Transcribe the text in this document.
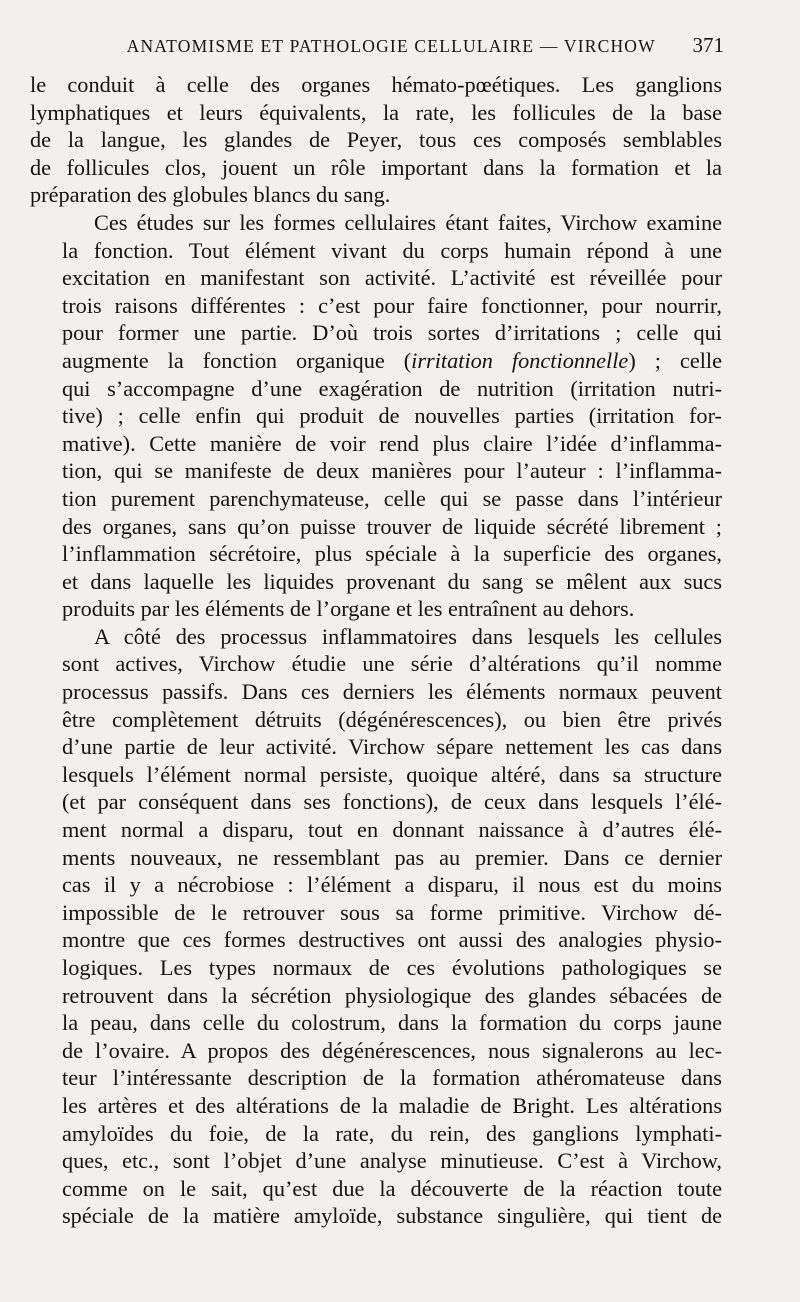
ANATOMISME ET PATHOLOGIE CELLULAIRE — VIRCHOW	371

le conduit à celle des organes hémato-pœétiques. Les ganglions
lymphatiques et leurs équivalents, la rate, les follicules de la base
de la langue, les glandes de Peyer, tous ces composés semblables
de follicules clos, jouent un rôle important dans la formation et la
préparation des globules blancs du sang.

Ces études sur les formes cellulaires étant faites, Virchow examine
la fonction. Tout élément vivant du corps humain répond à une
excitation en manifestant son activité. L’activité est réveillée pour
trois raisons différentes : c’est pour faire fonctionner, pour nourrir,
pour former une partie. D’où trois sortes d’irritations ; celle qui
augmente la fonction organique (irritation fonctionnelle) ; celle
qui s’accompagne d’une exagération de nutrition (irritation nutri-
tive) ; celle enfin qui produit de nouvelles parties (irritation for-
mative). Cette manière de voir rend plus claire l’idée d’inflamma-
tion, qui se manifeste de deux manières pour l’auteur : l’inflamma-
tion purement parenchymateuse, celle qui se passe dans l’intérieur
des organes, sans qu’on puisse trouver de liquide sécrété librement ;
l’inflammation sécrétoire, plus spéciale à la superficie des organes,
et dans laquelle les liquides provenant du sang se mêlent aux sucs
produits par les éléments de l’organe et les entraînent au dehors.

A côté des processus inflammatoires dans lesquels les cellules
sont actives, Virchow étudie une série d’altérations qu’il nomme
processus passifs. Dans ces derniers les éléments normaux peuvent
être complètement détruits (dégénérescences), ou bien être privés
d’une partie de leur activité. Virchow sépare nettement les cas dans
lesquels l’élément normal persiste, quoique altéré, dans sa structure
(et par conséquent dans ses fonctions), de ceux dans lesquels l’élé-
ment normal a disparu, tout en donnant naissance à d’autres élé-
ments nouveaux, ne ressemblant pas au premier. Dans ce dernier
cas il y a nécrobiose : l’élément a disparu, il nous est du moins
impossible de le retrouver sous sa forme primitive. Virchow dé-
montre que ces formes destructives ont aussi des analogies physio-
logiques. Les types normaux de ces évolutions pathologiques se
retrouvent dans la sécrétion physiologique des glandes sébacées de
la peau, dans celle du colostrum, dans la formation du corps jaune
de l’ovaire. A propos des dégénérescences, nous signalerons au lec-
teur l’intéressante description de la formation athéromateuse dans
les artères et des altérations de la maladie de Bright. Les altérations
amyloïdes du foie, de la rate, du rein, des ganglions lymphati-
ques, etc., sont l’objet d’une analyse minutieuse. C’est à Virchow,
comme on le sait, qu’est due la découverte de la réaction toute
spéciale de la matière amyloïde, substance singulière, qui tient de
